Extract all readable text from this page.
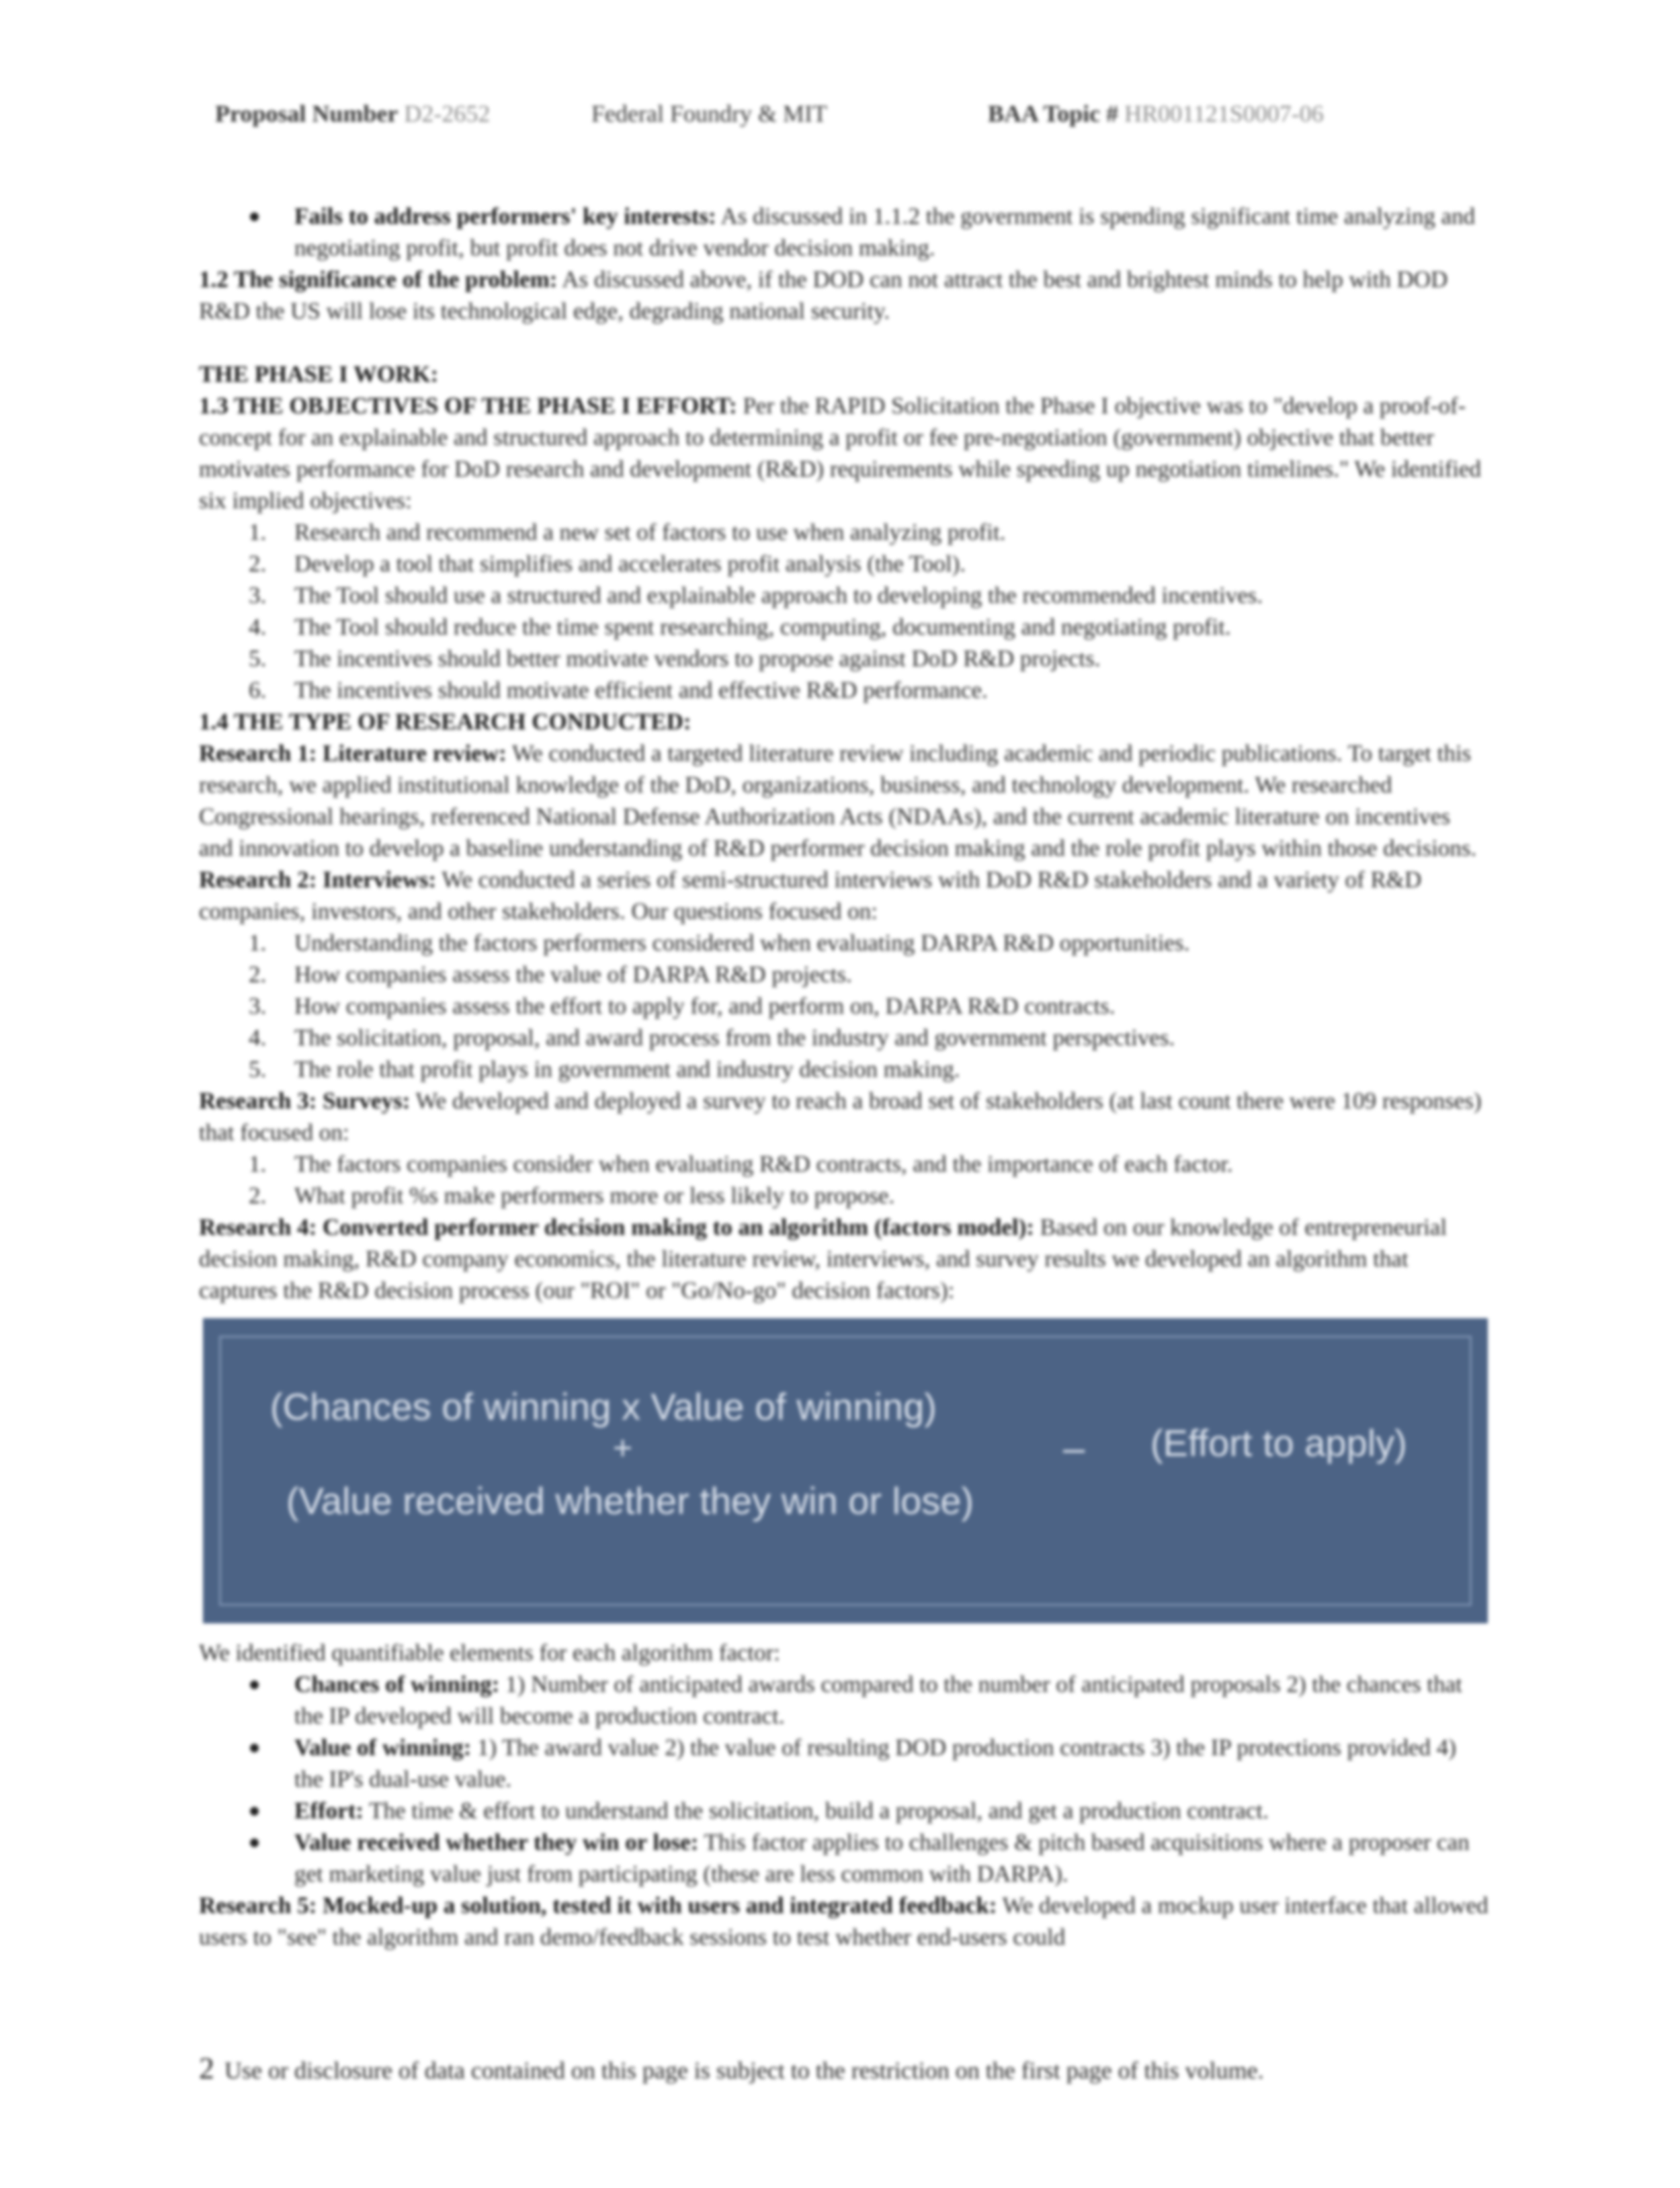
Proposal Number D2-2652	Federal Foundry & MIT	BAA Topic # HR001121S0007-06
Fails to address performers' key interests: As discussed in 1.1.2 the government is spending significant time analyzing and negotiating profit, but profit does not drive vendor decision making.

1.2 The significance of the problem: As discussed above, if the DOD can not attract the best and brightest minds to help with DOD R&D the US will lose its technological edge, degrading national security.

THE PHASE I WORK:

1.3 THE OBJECTIVES OF THE PHASE I EFFORT: Per the RAPID Solicitation the Phase I objective was to "develop a proof-of-concept for an explainable and structured approach to determining a profit or fee pre-negotiation (government) objective that better motivates performance for DoD research and development (R&D) requirements while speeding up negotiation timelines." We identified six implied objectives:

1. Research and recommend a new set of factors to use when analyzing profit.
2. Develop a tool that simplifies and accelerates profit analysis (the Tool).
3. The Tool should use a structured and explainable approach to developing the recommended incentives.
4. The Tool should reduce the time spent researching, computing, documenting and negotiating profit.
5. The incentives should better motivate vendors to propose against DoD R&D projects.
6. The incentives should motivate efficient and effective R&D performance.

1.4 THE TYPE OF RESEARCH CONDUCTED:

Research 1: Literature review: We conducted a targeted literature review including academic and periodic publications. To target this research, we applied institutional knowledge of the DoD, organizations, business, and technology development. We researched Congressional hearings, referenced National Defense Authorization Acts (NDAAs), and the current academic literature on incentives and innovation to develop a baseline understanding of R&D performer decision making and the role profit plays within those decisions.

Research 2: Interviews: We conducted a series of semi-structured interviews with DoD R&D stakeholders and a variety of R&D companies, investors, and other stakeholders. Our questions focused on:

1. Understanding the factors performers considered when evaluating DARPA R&D opportunities.
2. How companies assess the value of DARPA R&D projects.
3. How companies assess the effort to apply for, and perform on, DARPA R&D contracts.
4. The solicitation, proposal, and award process from the industry and government perspectives.
5. The role that profit plays in government and industry decision making.

Research 3: Surveys: We developed and deployed a survey to reach a broad set of stakeholders (at last count there were 109 responses) that focused on:

1. The factors companies consider when evaluating R&D contracts, and the importance of each factor.
2. What profit %s make performers more or less likely to propose.

Research 4: Converted performer decision making to an algorithm (factors model): Based on our knowledge of entrepreneurial decision making, R&D company economics, the literature review, interviews, and survey results we developed an algorithm that captures the R&D decision process (our "ROI" or "Go/No-go" decision factors):

(Chances of winning x Value of winning)
+
(Value received whether they win or lose)
– (Effort to apply)

We identified quantifiable elements for each algorithm factor:

Chances of winning: 1) Number of anticipated awards compared to the number of anticipated proposals 2) the chances that the IP developed will become a production contract.
Value of winning: 1) The award value 2) the value of resulting DOD production contracts 3) the IP protections provided 4) the IP's dual-use value.
Effort: The time & effort to understand the solicitation, build a proposal, and get a production contract.
Value received whether they win or lose: This factor applies to challenges & pitch based acquisitions where a proposer can get marketing value just from participating (these are less common with DARPA).

Research 5: Mocked-up a solution, tested it with users and integrated feedback: We developed a mockup user interface that allowed users to "see" the algorithm and ran demo/feedback sessions to test whether end-users could

2 Use or disclosure of data contained on this page is subject to the restriction on the first page of this volume.
